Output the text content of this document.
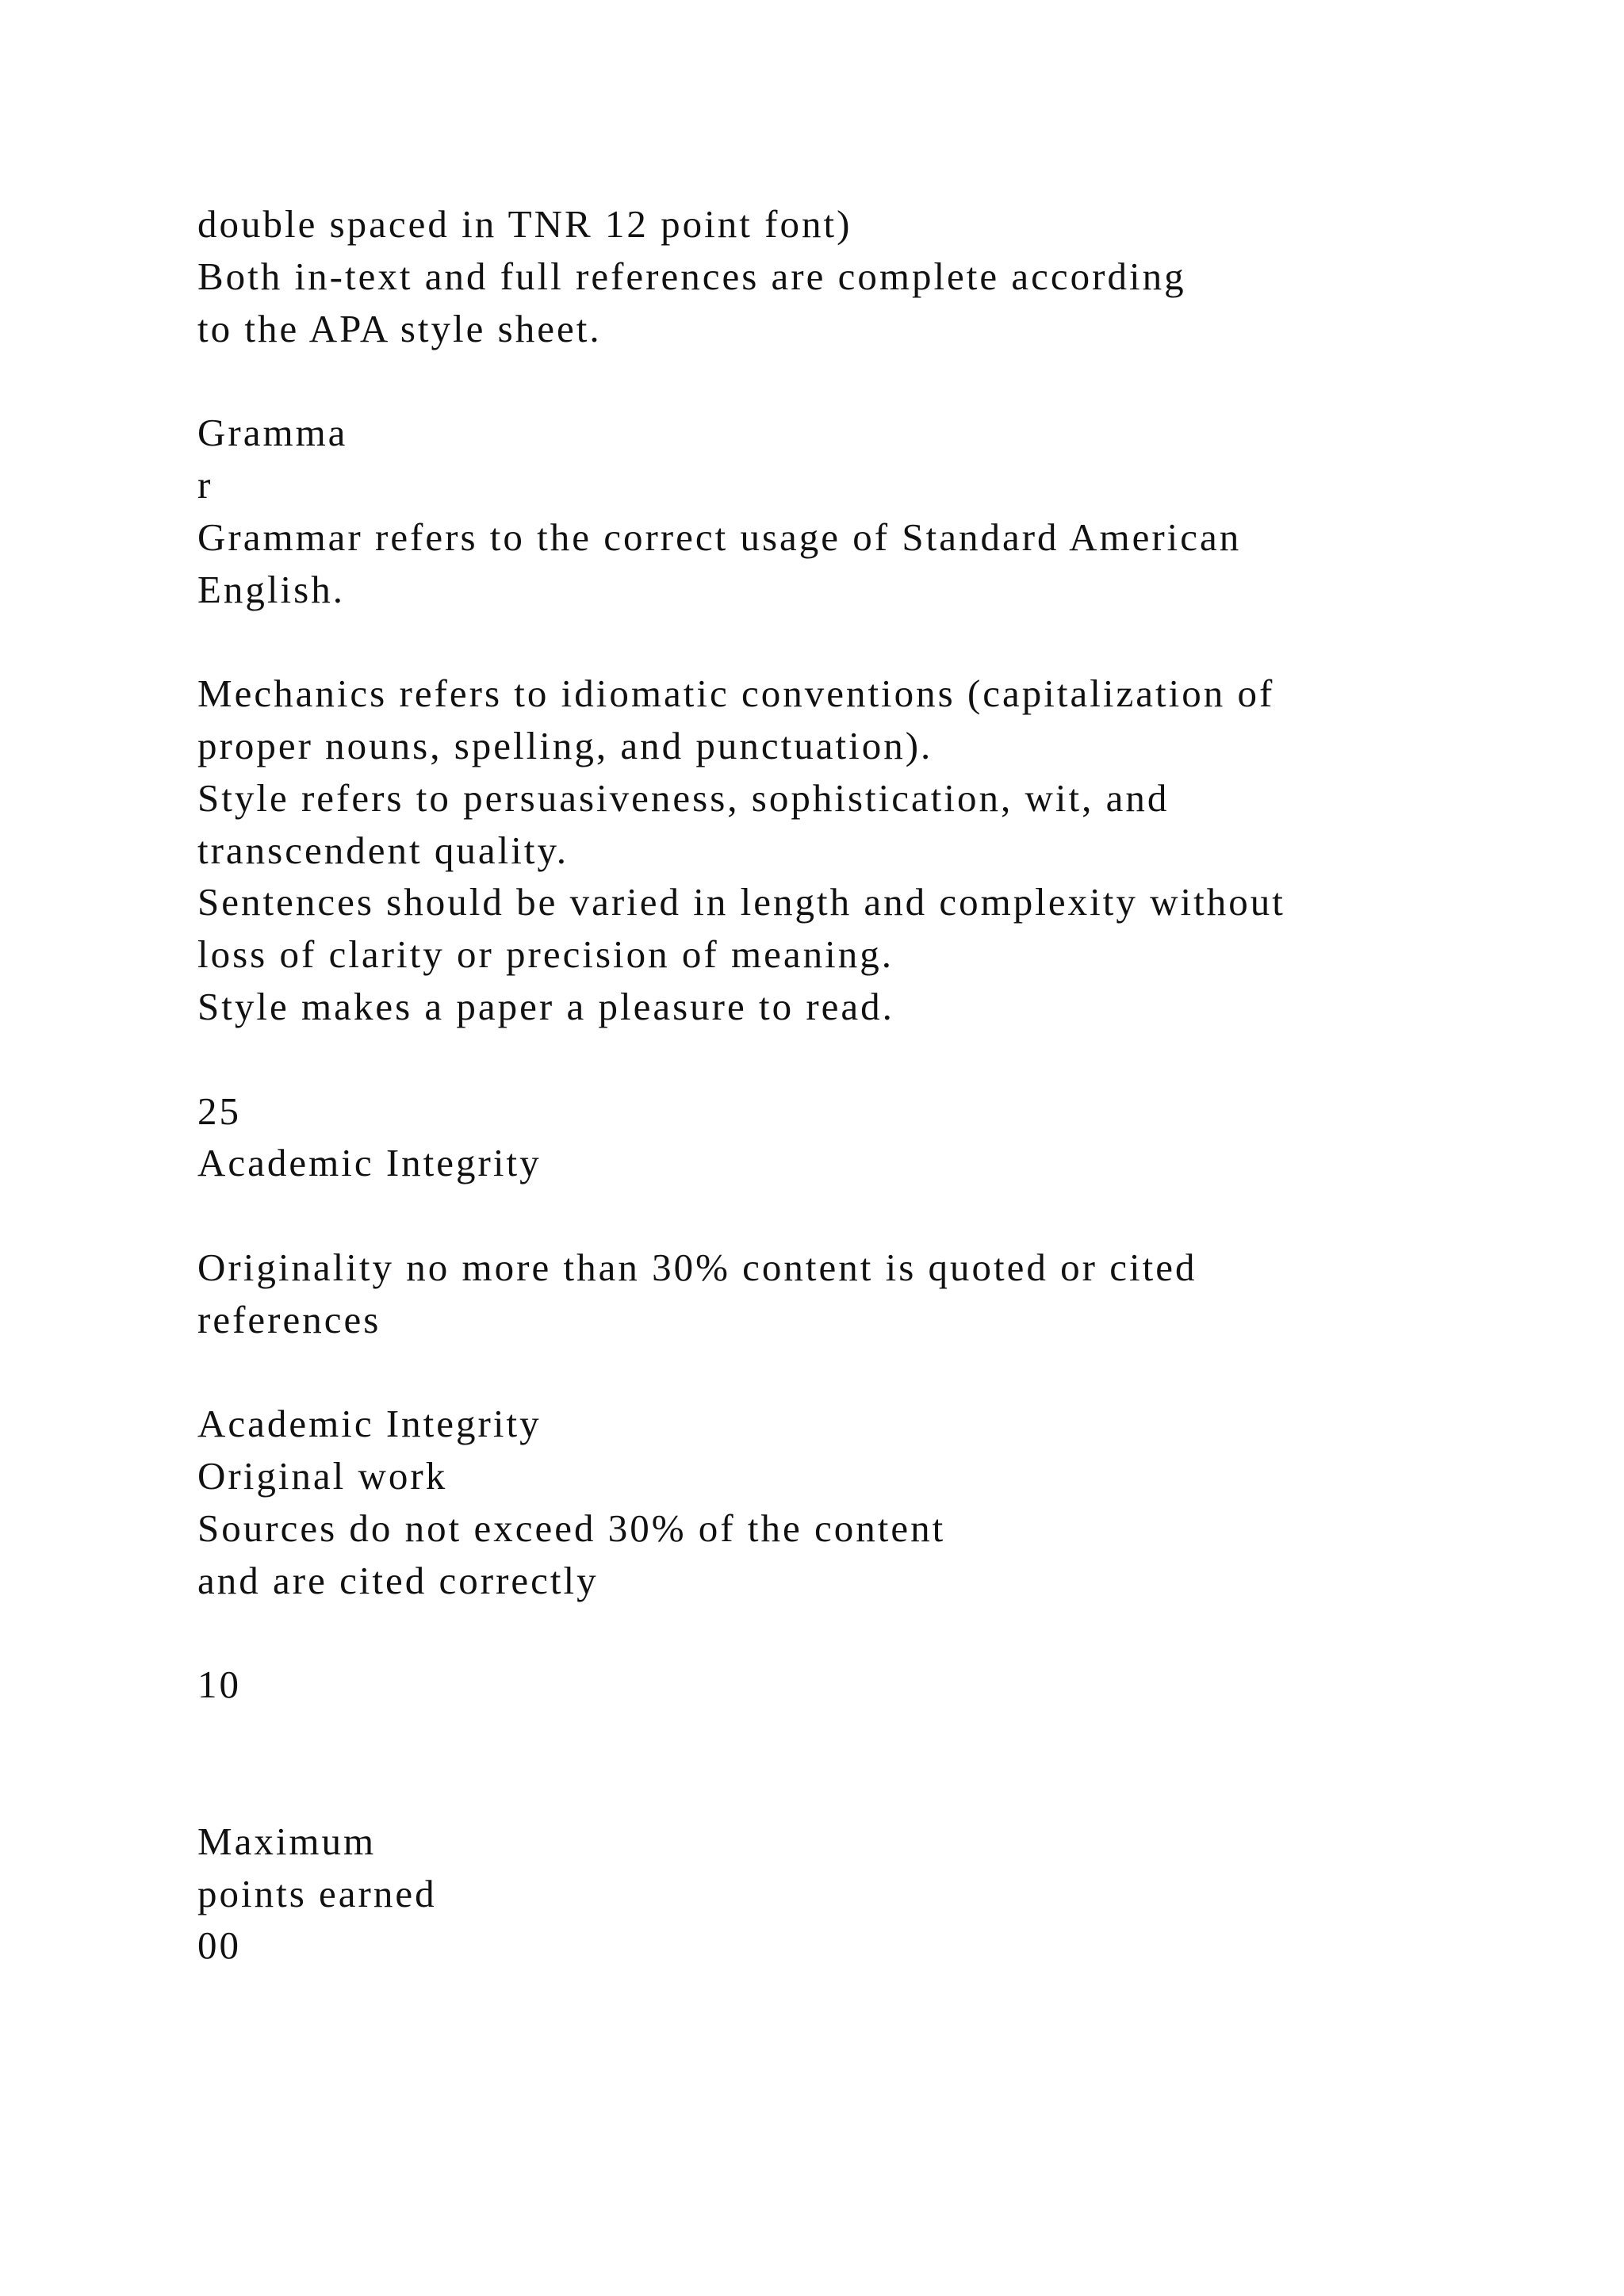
double spaced in TNR 12 point font)
Both in-text and full references are complete according
to the APA style sheet.
Gramma
r
Grammar refers to the correct usage of Standard American
English.
Mechanics refers to idiomatic conventions (capitalization of
proper nouns, spelling, and punctuation).
Style refers to persuasiveness, sophistication, wit, and
transcendent quality.
Sentences should be varied in length and complexity without
loss of clarity or precision of meaning.
Style makes a paper a pleasure to read.
25
Academic Integrity
Originality no more than 30% content is quoted or cited
references
Academic Integrity
Original work
Sources do not exceed 30% of the content
and are cited correctly
10
Maximum
points earned
00
